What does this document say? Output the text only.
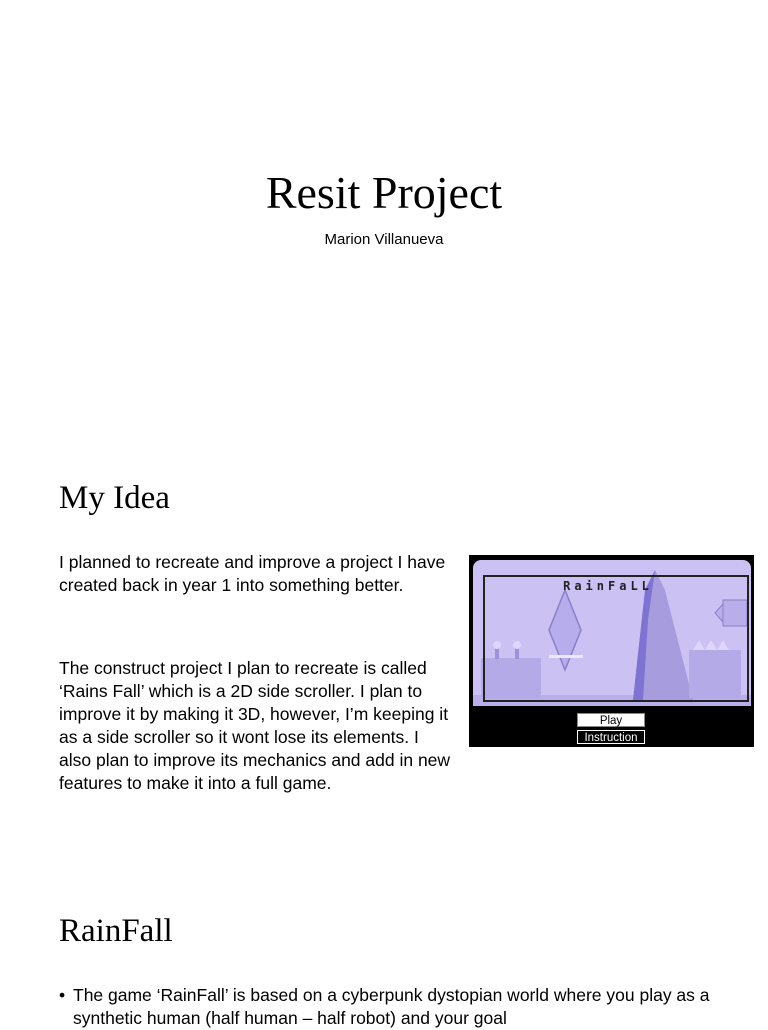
Resit Project
Marion Villanueva
My Idea

I planned to recreate and improve a project I have created back in year 1 into something better.

The construct project I plan to recreate is called ‘Rains Fall’ which is a 2D side scroller. I plan to improve it by making it 3D, however, I’m keeping it as a side scroller so it wont lose its elements. I also plan to improve its mechanics and add in new features to make it into a full game.

RainFaLL
Play
Instruction
RainFall
• The game ‘RainFall’ is based on a cyberpunk dystopian world where you play as a synthetic human (half human – half robot) and your goal
